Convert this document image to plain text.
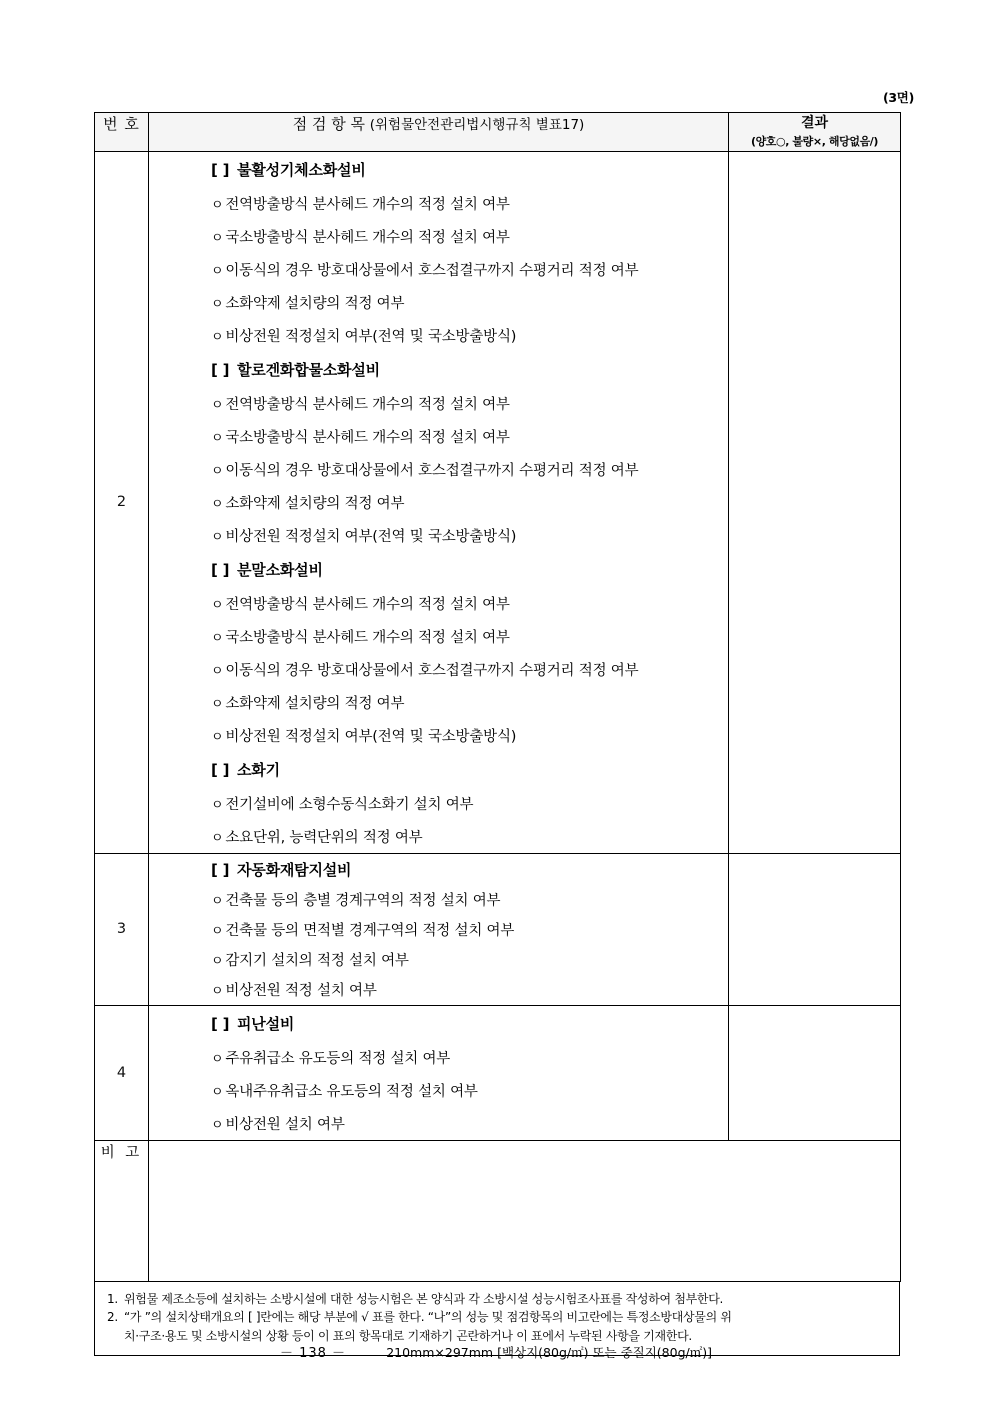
(3면)
번 호	점 검 항 목 (위험물안전관리법시행규칙 별표17)	결과
(양호○, 불량×, 해당없음/)

2	
[ ] 불활성기체소화설비
ㅇ 전역방출방식 분사헤드 개수의 적정 설치 여부
ㅇ 국소방출방식 분사헤드 개수의 적정 설치 여부
ㅇ 이동식의 경우 방호대상물에서 호스접결구까지 수평거리 적정 여부
ㅇ 소화약제 설치량의 적정 여부
ㅇ 비상전원 적정설치 여부(전역 및 국소방출방식)
[ ] 할로겐화합물소화설비
ㅇ 전역방출방식 분사헤드 개수의 적정 설치 여부
ㅇ 국소방출방식 분사헤드 개수의 적정 설치 여부
ㅇ 이동식의 경우 방호대상물에서 호스접결구까지 수평거리 적정 여부
ㅇ 소화약제 설치량의 적정 여부
ㅇ 비상전원 적정설치 여부(전역 및 국소방출방식)
[ ] 분말소화설비
ㅇ 전역방출방식 분사헤드 개수의 적정 설치 여부
ㅇ 국소방출방식 분사헤드 개수의 적정 설치 여부
ㅇ 이동식의 경우 방호대상물에서 호스접결구까지 수평거리 적정 여부
ㅇ 소화약제 설치량의 적정 여부
ㅇ 비상전원 적정설치 여부(전역 및 국소방출방식)
[ ] 소화기
ㅇ 전기설비에 소형수동식소화기 설치 여부
ㅇ 소요단위, 능력단위의 적정 여부

3	[ ] 자동화재탐지설비
ㅇ 건축물 등의 층별 경계구역의 적정 설치 여부
ㅇ 건축물 등의 면적별 경계구역의 적정 설치 여부
ㅇ 감지기 설치의 적정 설치 여부
ㅇ 비상전원 적정 설치 여부	

4	[ ] 피난설비
ㅇ 주유취급소 유도등의 적정 설치 여부
ㅇ 옥내주유취급소 유도등의 적정 설치 여부
ㅇ 비상전원 설치 여부	

비 고		
1. 위험물 제조소등에 설치하는 소방시설에 대한 성능시험은 본 양식과 각 소방시설 성능시험조사표를 작성하여 첨부한다.
2. “가 ”의 설치상태개요의 [ ]란에는 해당 부분에 √ 표를 한다. “나”의 성능 및 점검항목의 비고란에는 특정소방대상물의 위
치·구조·용도 및 소방시설의 상황 등이 이 표의 항목대로 기재하기 곤란하거나 이 표에서 누락된 사항을 기재한다.
－ 138 －	210mm×297mm [백상지(80g/㎡) 또는 중질지(80g/㎡)]
